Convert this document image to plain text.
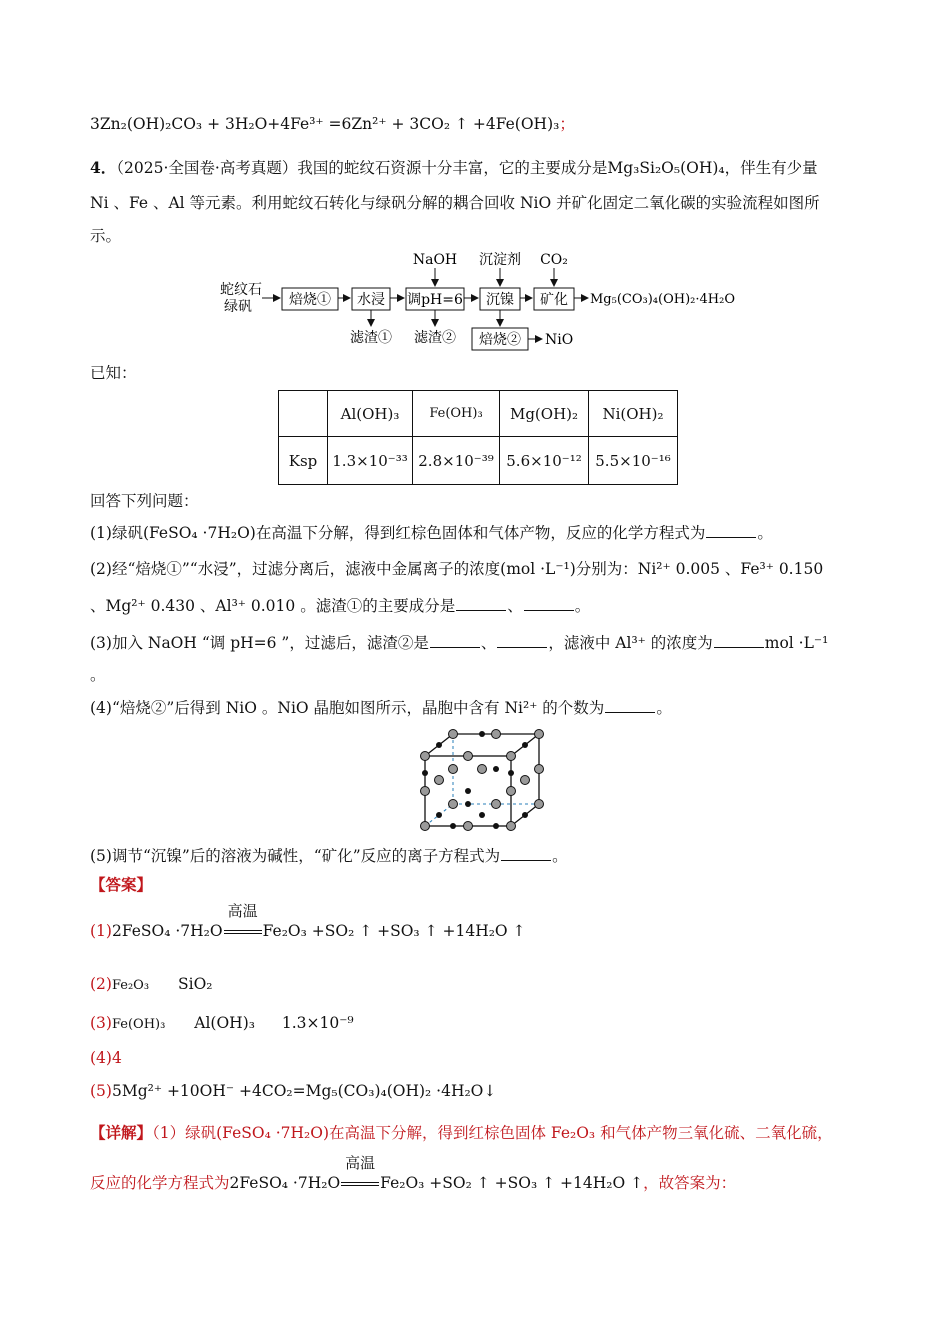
3Zn₂(OH)₂CO₃ + 3H₂O+4Fe³⁺ =6Zn²⁺ + 3CO₂ ↑ +4Fe(OH)₃；
4．（2025·全国卷·高考真题）我国的蛇纹石资源十分丰富，它的主要成分是Mg₃Si₂O₅(OH)₄，伴生有少量
Ni 、Fe 、Al 等元素。利用蛇纹石转化与绿矾分解的耦合回收 NiO 并矿化固定二氧化碳的实验流程如图所
示。
蛇纹石
绿矾	焙烧① 水浸 调pH=6 沉镍 矿化 Mg₅(CO₃)₄(OH)₂·4H₂O
NaOH 沉淀剂 CO₂
滤渣① 滤渣② 焙烧② NiO
已知：
	Al(OH)₃	Fe(OH)₃	Mg(OH)₂	Ni(OH)₂
Ksp	1.3×10⁻³³	2.8×10⁻³⁹	5.6×10⁻¹²	5.5×10⁻¹⁶
回答下列问题：
(1)绿矾(FeSO₄ ·7H₂O)在高温下分解，得到红棕色固体和气体产物，反应的化学方程式为	。
(2)经“焙烧①”“水浸”，过滤分离后，滤液中金属离子的浓度(mol ·L⁻¹)分别为：Ni²⁺ 0.005 、Fe³⁺ 0.150
、Mg²⁺ 0.430 、Al³⁺ 0.010 。滤渣①的主要成分是	、	。
(3)加入 NaOH “调 pH=6 ”，过滤后，滤渣②是	、	，滤液中 Al³⁺ 的浓度为	mol ·L⁻¹
。
(4)“焙烧②”后得到 NiO 。NiO 晶胞如图所示，晶胞中含有 Ni²⁺ 的个数为	。
(5)调节“沉镍”后的溶液为碱性，“矿化”反应的离子方程式为	。
【答案】
(1)2FeSO₄ ·7H₂O
高温
Fe₂O₃ +SO₂ ↑ +SO₃ ↑ +14H₂O ↑
(2)Fe₂O₃ SiO₂
(3)Fe(OH)₃ Al(OH)₃ 1.3×10⁻⁹
(4)4
(5)5Mg²⁺ +10OH⁻ +4CO₂=Mg₅(CO₃)₄(OH)₂ ·4H₂O↓
【详解】（1）绿矾(FeSO₄ ·7H₂O)在高温下分解，得到红棕色固体 Fe₂O₃ 和气体产物三氧化硫、二氧化硫，
反应的化学方程式为2FeSO₄ ·7H₂O
高温
Fe₂O₃ +SO₂ ↑ +SO₃ ↑ +14H₂O ↑，故答案为：
